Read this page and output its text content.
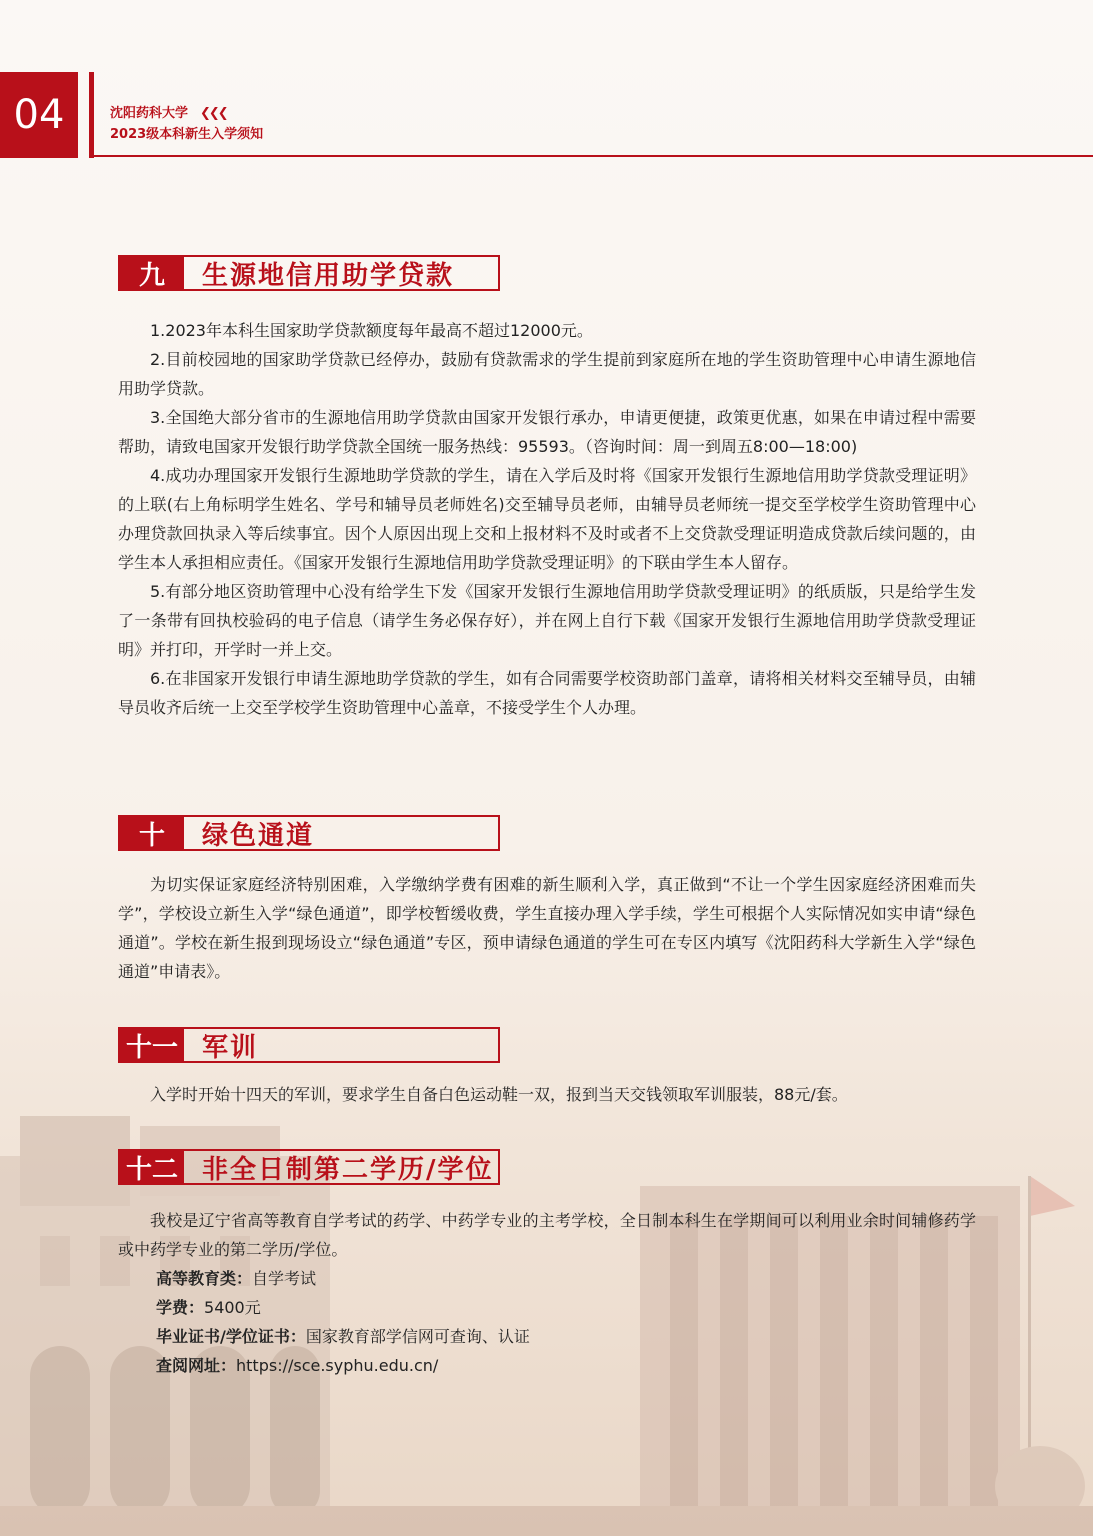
04	沈阳药科大学 ❮❮❮
2023级本科新生入学须知
九	生源地信用助学贷款

1.2023年本科生国家助学贷款额度每年最高不超过12000元。

2.目前校园地的国家助学贷款已经停办，鼓励有贷款需求的学生提前到家庭所在地的学生资助管理中心申请生源地信用助学贷款。

3.全国绝大部分省市的生源地信用助学贷款由国家开发银行承办，申请更便捷，政策更优惠，如果在申请过程中需要帮助，请致电国家开发银行助学贷款全国统一服务热线：95593。（咨询时间：周一到周五8:00—18:00)

4.成功办理国家开发银行生源地助学贷款的学生，请在入学后及时将《国家开发银行生源地信用助学贷款受理证明》的上联(右上角标明学生姓名、学号和辅导员老师姓名)交至辅导员老师，由辅导员老师统一提交至学校学生资助管理中心办理贷款回执录入等后续事宜。因个人原因出现上交和上报材料不及时或者不上交贷款受理证明造成贷款后续问题的，由学生本人承担相应责任。《国家开发银行生源地信用助学贷款受理证明》的下联由学生本人留存。

5.有部分地区资助管理中心没有给学生下发《国家开发银行生源地信用助学贷款受理证明》的纸质版，只是给学生发了一条带有回执校验码的电子信息（请学生务必保存好），并在网上自行下载《国家开发银行生源地信用助学贷款受理证明》并打印，开学时一并上交。

6.在非国家开发银行申请生源地助学贷款的学生，如有合同需要学校资助部门盖章，请将相关材料交至辅导员，由辅导员收齐后统一上交至学校学生资助管理中心盖章，不接受学生个人办理。

十	绿色通道

为切实保证家庭经济特别困难，入学缴纳学费有困难的新生顺利入学，真正做到“不让一个学生因家庭经济困难而失学”，学校设立新生入学“绿色通道”，即学校暂缓收费，学生直接办理入学手续，学生可根据个人实际情况如实申请“绿色通道”。学校在新生报到现场设立“绿色通道”专区，预申请绿色通道的学生可在专区内填写《沈阳药科大学新生入学“绿色通道”申请表》。

十一 军训

入学时开始十四天的军训，要求学生自备白色运动鞋一双，报到当天交钱领取军训服装，88元/套。

十二 非全日制第二学历/学位

我校是辽宁省高等教育自学考试的药学、中药学专业的主考学校，全日制本科生在学期间可以利用业余时间辅修药学或中药学专业的第二学历/学位。

高等教育类：自学考试
学费：5400元
毕业证书/学位证书：国家教育部学信网可查询、认证
查阅网址：https://sce.syphu.edu.cn/
